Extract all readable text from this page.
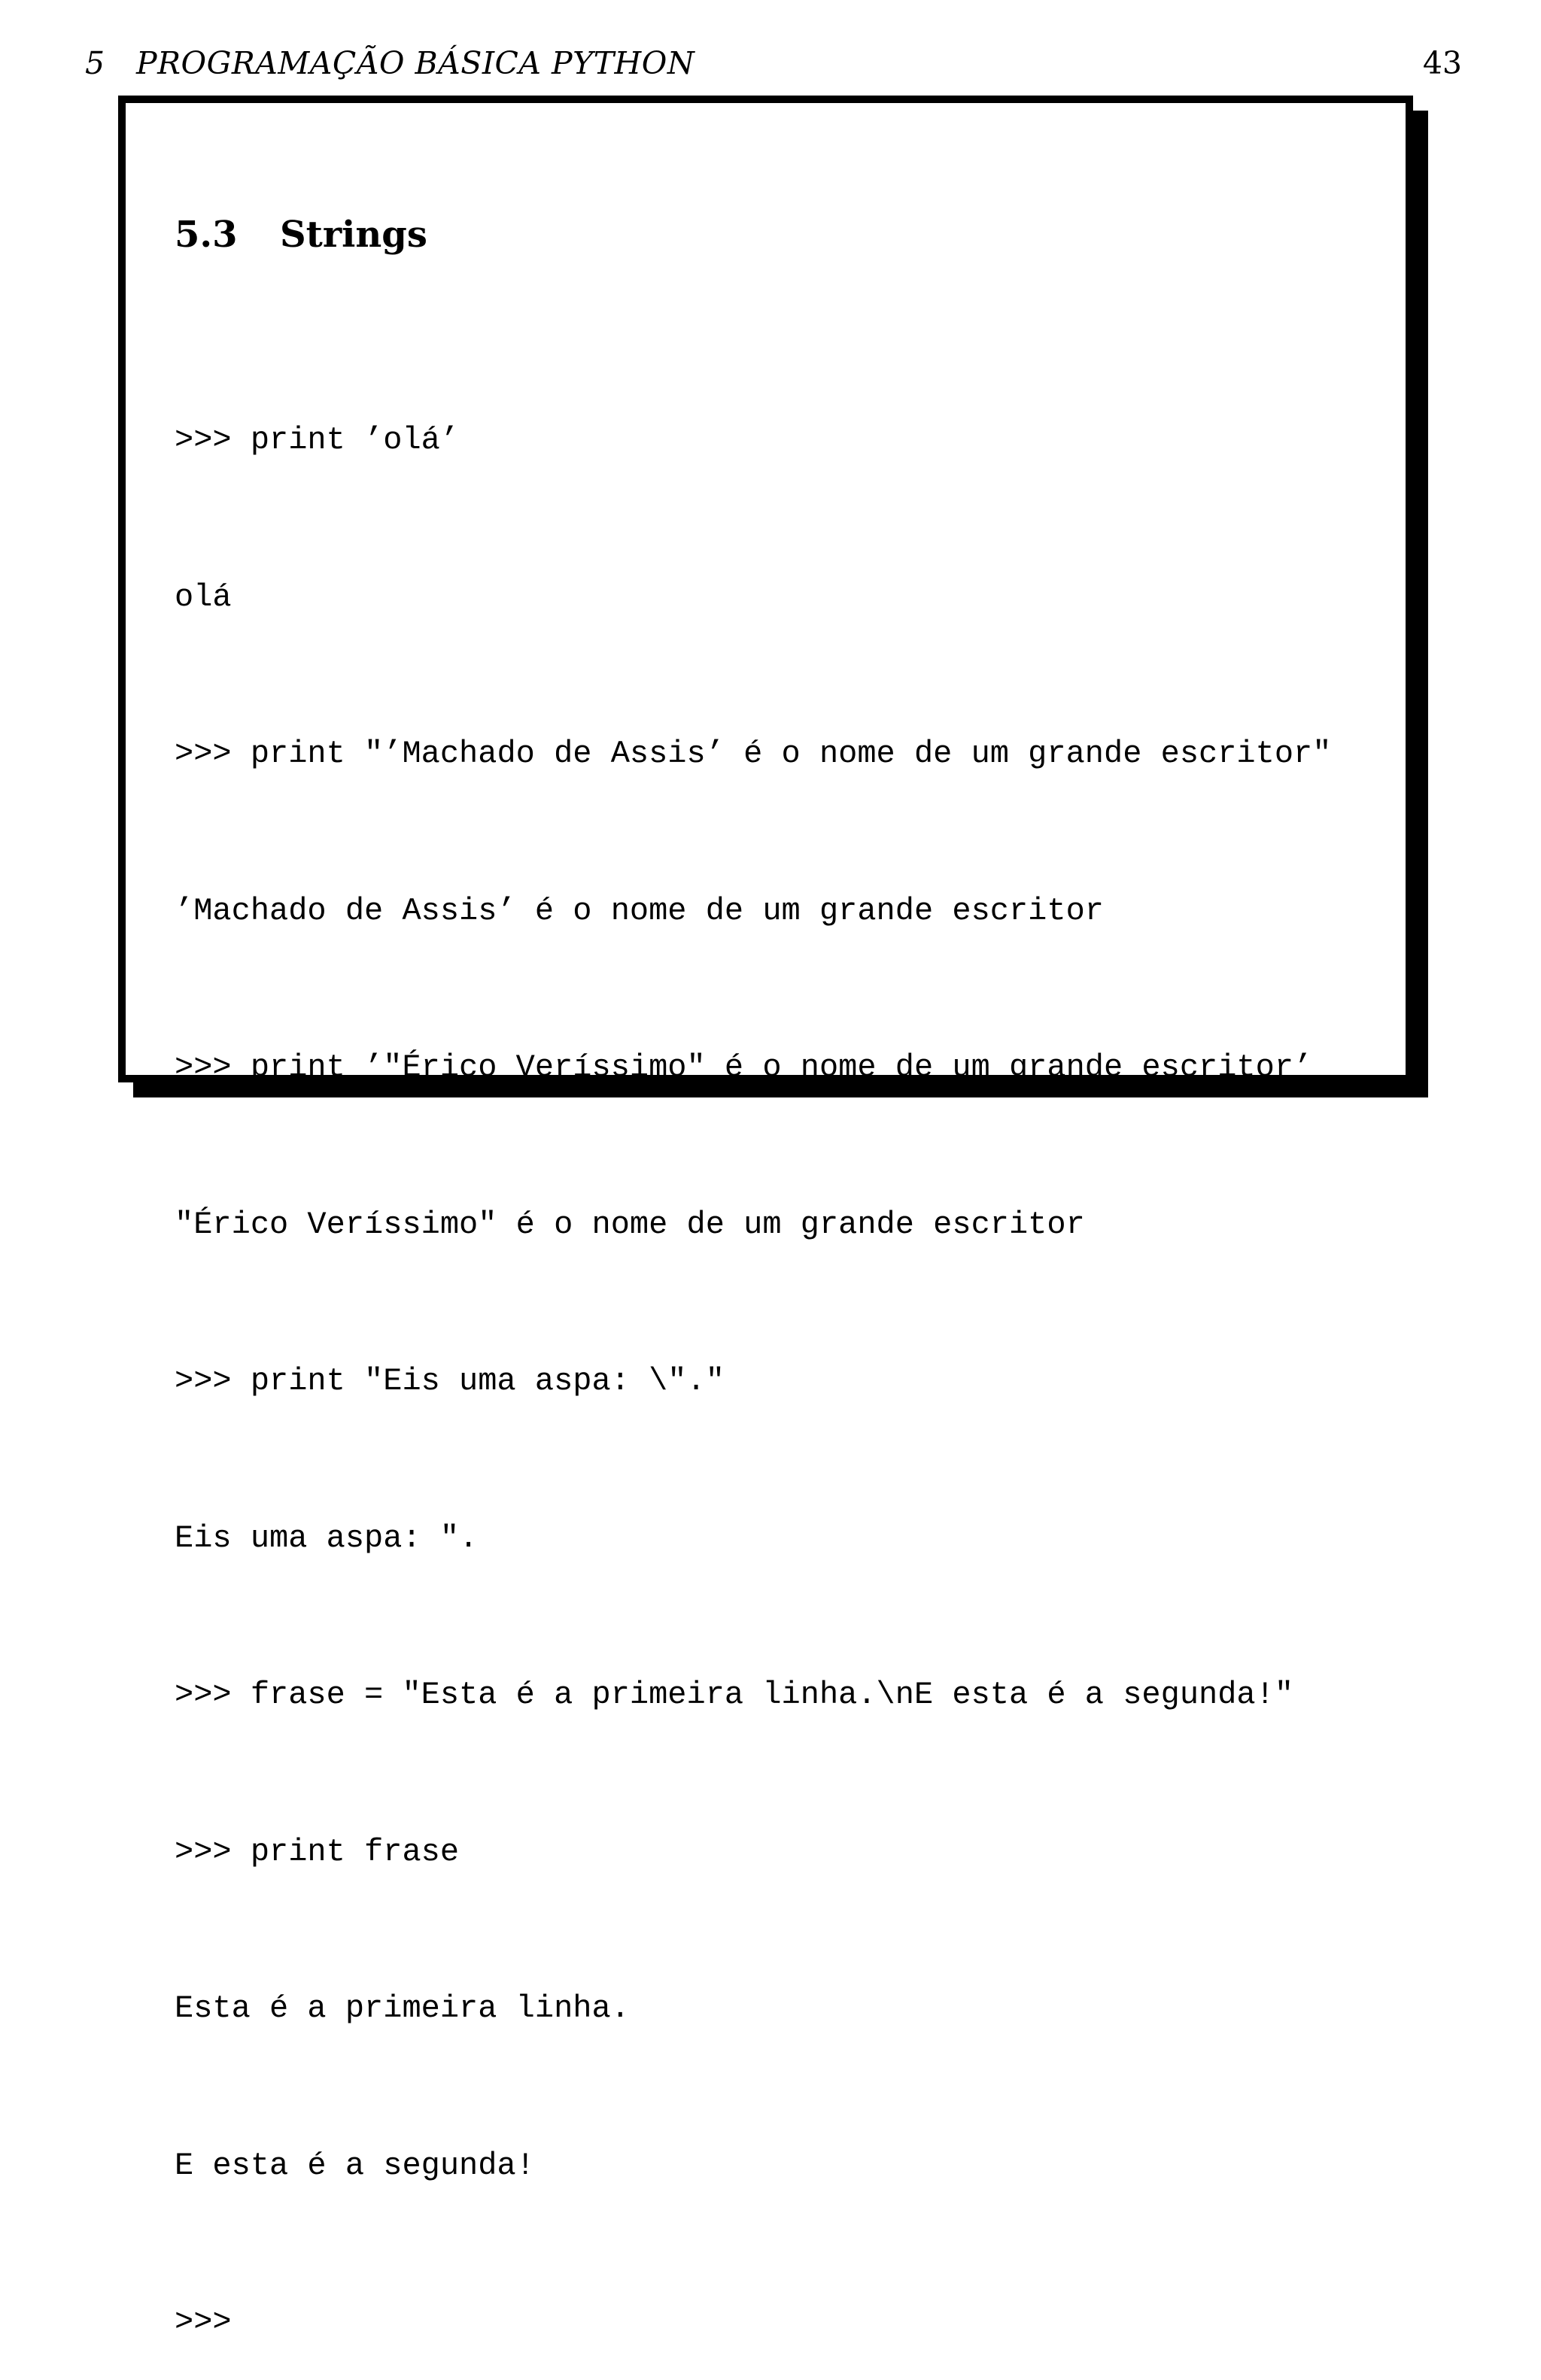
5 PROGRAMAÇÃO BÁSICA PYTHON	43
5.3 Strings

>>> print ’olá’

olá

>>> print "’Machado de Assis’ é o nome de um grande escritor"

’Machado de Assis’ é o nome de um grande escritor

>>> print ’"Érico Veríssimo" é o nome de um grande escritor’

"Érico Veríssimo" é o nome de um grande escritor

>>> print "Eis uma aspa: \"."

Eis uma aspa: ".

>>> frase = "Esta é a primeira linha.\nE esta é a segunda!"

>>> print frase

Esta é a primeira linha.

E esta é a segunda!

>>>
